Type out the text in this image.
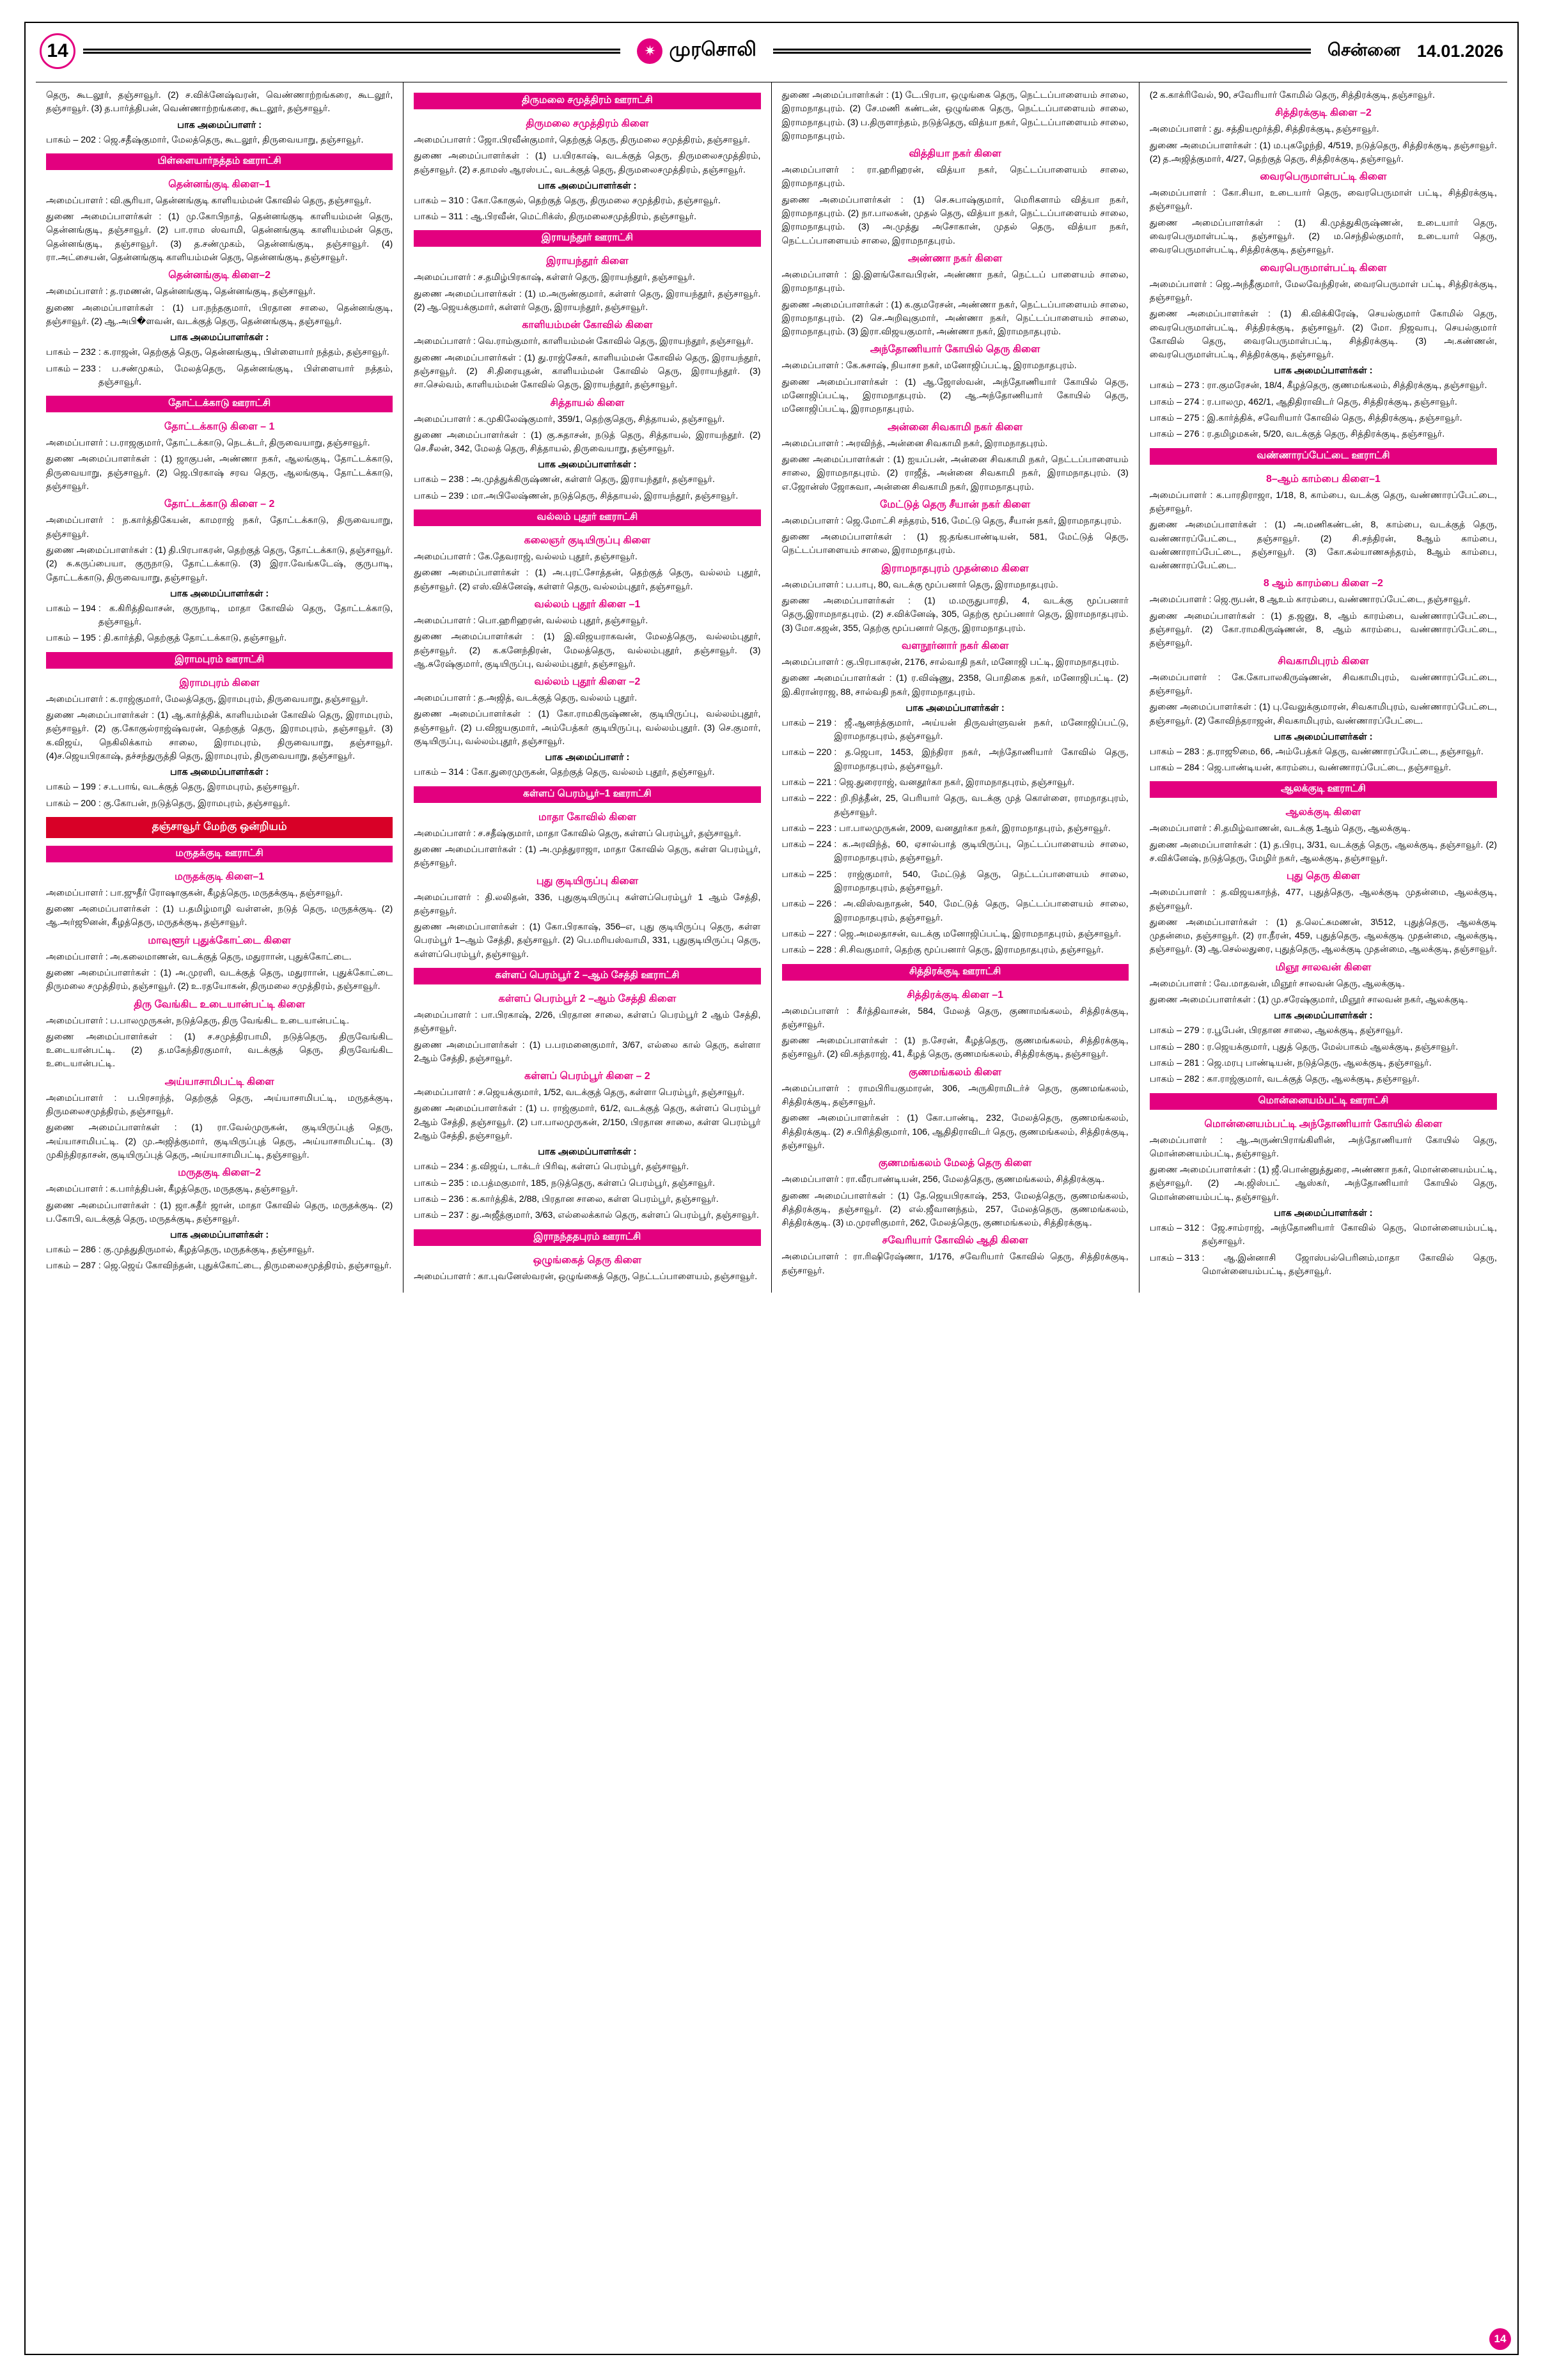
14	✷ முரசொலி	சென்னை 14.01.2026
தெரு, கூடலூர், தஞ்சாவூர். (2) ச.விக்னேஷ்வரன், வெண்ணாற்றங்கரை, கூடலூர், தஞ்சாவூர். (3) த.பார்த்திபன், வெண்ணாற்றங்கரை, கூடலூர், தஞ்சாவூர்.
பாக அமைப்பாளர் :
பாகம் – 202 : ஜெ.சதீஷ்குமார், மேலத்தெரு, கூடலூர், திருவையாறு, தஞ்சாவூர்.
பிள்ளையார்நத்தம் ஊராட்சி
தென்னங்குடி கிளை–1
அமைப்பாளர் : வி.சூரியா, தென்னங்குடி காளியம்மன் கோவில் தெரு, தஞ்சாவூர்.
துணை அமைப்பாளர்கள் : (1) மு.கோபிநாத், தென்னங்குடி காளியம்மன் தெரு, தென்னங்குடி, தஞ்சாவூர். (2) பா.ராம ஸ்வாமி, தென்னங்குடி காளியம்மன் தெரு, தென்னங்குடி, தஞ்சாவூர். (3) த.சண்முகம், தென்னங்குடி, தஞ்சாவூர். (4) ரா.அட்சையன், தென்னங்குடி காளியம்மன் தெரு, தென்னங்குடி, தஞ்சாவூர்.
தென்னங்குடி கிளை–2
அமைப்பாளர் : த.ரமணன், தென்னங்குடி, தென்னங்குடி, தஞ்சாவூர்.
துணை அமைப்பாளர்கள் : (1) பா.நந்தகுமார், பிரதான சாலை, தென்னங்குடி, தஞ்சாவூர். (2) ஆ.அபி�ளவன், வடக்குத் தெரு, தென்னங்குடி, தஞ்சாவூர்.
பாக அமைப்பாளர்கள் :
பாகம் – 232 : க.ராஜன், தெற்குத் தெரு, தென்னங்குடி, பிள்ளையார் நத்தம், தஞ்சாவூர்.
பாகம் – 233 : ப.சண்முகம், மேலத்தெரு, தென்னங்குடி, பிள்ளையார் நத்தம், தஞ்சாவூர்.
தோட்டக்காடு ஊராட்சி
தோட்டக்காடு கிளை – 1
அமைப்பாளர் : ப.ராஜகுமார், தோட்டக்காடு, நெடக்டர், திருவையாறு, தஞ்சாவூர்.
துணை அமைப்பாளர்கள் : (1) ஜாகுபன், அண்ணா நகர், ஆலங்குடி, தோட்டக்காடு, திருவையாறு, தஞ்சாவூர். (2) ஜெ.பிரகாஷ் சரவ தெரு, ஆலங்குடி, தோட்டக்காடு, தஞ்சாவூர்.
தோட்டக்காடு கிளை – 2
அமைப்பாளர் : ந.கார்த்திகேயன், காமராஜ் நகர், தோட்டக்காடு, திருவையாறு, தஞ்சாவூர்.
துணை அமைப்பாளர்கள் : (1) தி.பிரபாகரன், தெற்குத் தெரு, தோட்டக்காடு, தஞ்சாவூர். (2) சு.கருப்பையா, குருநாடு, தோட்டக்காடு. (3) இரா.வேங்கடேஷ், குருபாடி, தோட்டக்காடு, திருவையாறு, தஞ்சாவூர்.
பாக அமைப்பாளர்கள் :
பாகம் – 194 : க.கிரித்திவாசன், குருநாடி, மாதா கோவில் தெரு, தோட்டக்காடு, தஞ்சாவூர்.
பாகம் – 195 : தி.கார்த்தி, தெற்குத் தோட்டக்காடு, தஞ்சாவூர்.
இராமபுரம் ஊராட்சி
இராமபுரம் கிளை
அமைப்பாளர் : க.ராஜ்குமார், மேலத்தெரு, இராமபுரம், திருவையாறு, தஞ்சாவூர்.
துணை அமைப்பாளர்கள் : (1) ஆ.கார்த்திக், காளியம்மன் கோவில் தெரு, இராமபுரம், தஞ்சாவூர். (2) கு.கோகுல்ராஜ்ஷ்வரன், தெற்குத் தெரு, இராமபுரம், தஞ்சாவூர். (3) க.விஜய், நெகிலிக்காம் சாலை, இராமபுரம், திருவையாறு, தஞ்சாவூர். (4)ச.ஜெயபிரகாஷ், தச்சந்துருத்தி தெரு, இராமபுரம், திருவையாறு, தஞ்சாவூர்.
பாக அமைப்பாளர்கள் :
பாகம் – 199 : ச.டபாங், வடக்குத் தெரு, இராமபுரம், தஞ்சாவூர்.
பாகம் – 200 : கு.கோபன், நடுத்தெரு, இராமபுரம், தஞ்சாவூர்.
தஞ்சாவூர் மேற்கு ஒன்றியம்மருதக்குடி ஊராட்சி
மருதக்குடி கிளை–1
அமைப்பாளர் : பா.ஜுதீர் ரோஷாகுகன், கீழத்தெரு, மருதக்குடி, தஞ்சாவூர்.
துணை அமைப்பாளர்கள் : (1) ப.தமிழ்மாழி வள்ளன், நடுத் தெரு, மருதக்குடி. (2) ஆ.அர்ஜூனன், கீழத்தெரு, மருதக்குடி, தஞ்சாவூர்.
மாவுளூர் புதுக்கோட்டை கிளை
அமைப்பாளர் : அ.கலைமாணன், வடக்குத் தெரு, மதுராான், புதுக்கோட்டை.
துணை அமைப்பாளர்கள் : (1) அ.முரளி, வடக்குத் தெரு, மதுராான், புதுக்கோட்டை திருமலை சமுத்திரம், தஞ்சாவூர். (2) உ.ரதயோகன், திருமலை சமுத்திரம், தஞ்சாவூர்.
திரு வேங்கிட உடையான்பட்டி கிளை
அமைப்பாளர் : ப.பாலமுருகன், நடுத்தெரு, திரு வேங்கிட உடையான்பட்டி.
துணை அமைப்பாளர்கள் : (1) ச.சமுத்திரபாமி, நடுத்தெரு, திருவேங்கிட உடையான்பட்டி. (2) த.மகேந்திரகுமார், வடக்குத் தெரு, திருவேங்கிட உடையான்பட்டி.
அய்யாசாமிபட்டி கிளை
அமைப்பாளர் : ப.பிரசாந்த், தெற்குத் தெரு, அய்யாசாமிபட்டி, மருதக்குடி, திருமலைசமுத்திரம், தஞ்சாவூர்.
துணை அமைப்பாளர்கள் : (1) ரா.வேல்முருகன், குடியிருப்புத் தெரு, அய்யாசாமிபட்டி. (2) மு.அஜித்குமார், குடியிருப்புத் தெரு, அய்யாசாமிபட்டி. (3) முகிந்திரதாசன், குடியிருப்புத் தெரு, அய்யாசாமிபட்டி, தஞ்சாவூர்.
மருதகுடி கிளை–2
அமைப்பாளர் : க.பார்த்திபன், கீழத்தெரு, மருதகுடி, தஞ்சாவூர்.
துணை அமைப்பாளர்கள் : (1) ஜா.சுதீர் ஜான், மாதா கோவில் தெரு, மருதக்குடி. (2) ப.கோபி, வடக்குத் தெரு, மருதக்குடி, தஞ்சாவூர்.
பாக அமைப்பாளர்கள் :
பாகம் – 286 : கு.முத்துதிருமால், கீழத்தெரு, மருதக்குடி, தஞ்சாவூர்.
பாகம் – 287 : ஜெ.ஜெய் கோவிந்தன், புதுக்கோட்டை, திருமலைசமுத்திரம், தஞ்சாவூர்.
திருமலை சமுத்திரம் ஊராட்சி
திருமலை சமுத்திரம் கிளை
அமைப்பாளர் : ஜோ.பிரவீன்குமார், தெற்குத் தெரு, திருமலை சமுத்திரம், தஞ்சாவூர்.
துணை அமைப்பாளர்கள் : (1) ப.யிரகாஷ், வடக்குத் தெரு, திருமலைசமுத்திரம், தஞ்சாவூர். (2) ச.தாமஸ் ஆரஸ்பட், வடக்குத் தெரு, திருமலைசமுத்திரம், தஞ்சாவூர்.
பாக அமைப்பாளர்கள் :
பாகம் – 310 : கோ.கோகுல், தெற்குத் தெரு, திருமலை சமுத்திரம், தஞ்சாவூர்.
பாகம் – 311 : ஆ.பிரவீன், மெட்ரிக்ஸ், திருமலைசமுத்திரம், தஞ்சாவூர்.
இராயந்தூர் ஊராட்சி
இராயந்தூர் கிளை
அமைப்பாளர் : ச.தமிழ்பிரகாஷ், கள்ளர் தெரு, இராயந்தூர், தஞ்சாவூர்.
துணை அமைப்பாளர்கள் : (1) ம.அருண்குமார், கள்ளர் தெரு, இராயந்தூர், தஞ்சாவூர். (2) ஆ.ஜெயக்குமார், கள்ளர் தெரு, இராயந்தூர், தஞ்சாவூர்.
காளியம்மன் கோவில் கிளை
அமைப்பாளர் : வெ.ராம்குமார், காளியம்மன் கோவில் தெரு, இராயந்தூர், தஞ்சாவூர்.
துணை அமைப்பாளர்கள் : (1) து.ராஜ்சேகர், காளியம்மன் கோவில் தெரு, இராயந்தூர், தஞ்சாவூர். (2) சி.திரையுதன், காளியம்மன் கோவில் தெரு, இராயந்தூர். (3) சா.செல்வம், காளியம்மன் கோவில் தெரு, இராயந்தூர், தஞ்சாவூர்.
சித்தாயல் கிளை
அமைப்பாளர் : க.முகிலேஷ்குமார், 359/1, தெற்குதெரு, சித்தாயல், தஞ்சாவூர்.
துணை அமைப்பாளர்கள் : (1) கு.சுதாசன், நடுத் தெரு, சித்தாயல், இராயந்தூர். (2) செ.சீலன், 342, மேலத் தெரு, சித்தாயல், திருவையாறு, தஞ்சாவூர்.
பாக அமைப்பாளர்கள் :
பாகம் – 238 : அ.முத்துக்கிருஷ்ணன், கள்ளர் தெரு, இராயந்தூர், தஞ்சாவூர்.
பாகம் – 239 : மா.அபிலேஷ்ணன், நடுத்தெரு, சித்தாயல், இராயந்தூர், தஞ்சாவூர்.
வல்லம் புதூர் ஊராட்சி
கலைஞர் குடியிருப்பு கிளை
அமைப்பாளர் : கே.தேவராஜ், வல்லம் புதூர், தஞ்சாவூர்.
துணை அமைப்பாளர்கள் : (1) அ.புரட்சோத்தன், தெற்குத் தெரு, வல்லம் புதூர், தஞ்சாவூர். (2) எஸ்.விக்னேஷ், கள்ளர் தெரு, வல்லம்புதூர், தஞ்சாவூர்.
வல்லம் புதூர் கிளை –1
அமைப்பாளர் : பொ.ஹரிஹரன், வல்லம் புதூர், தஞ்சாவூர்.
துணை அமைப்பாளர்கள் : (1) இ.விஜயராகவன், மேலத்தெரு, வல்லம்புதூர், தஞ்சாவூர். (2) க.கனேந்திரன், மேலத்தெரு, வல்லம்புதூர், தஞ்சாவூர். (3) ஆ.சுரேஷ்குமார், குடியிருப்பு, வல்லம்புதூர், தஞ்சாவூர்.
வல்லம் புதூர் கிளை –2
அமைப்பாளர் : த.அஜித், வடக்குத் தெரு, வல்லம் புதூர்.
துணை அமைப்பாளர்கள் : (1) கோ.ராமகிருஷ்ணன், குடியிருப்பு, வல்லம்புதூர், தஞ்சாவூர். (2) ப.விஜயகுமார், அம்பேத்கர் குடியிருப்பு, வல்லம்புதூர். (3) செ.குமார், குடியிருப்பு, வல்லம்புதூர், தஞ்சாவூர்.
பாக அமைப்பாளர் :
பாகம் – 314 : கோ.துரைமுருகன், தெற்குத் தெரு, வல்லம் புதூர், தஞ்சாவூர்.
கள்ளப் பெரம்பூர்–1 ஊராட்சி
மாதா கோவில் கிளை
அமைப்பாளர் : ச.சதீஷ்குமார், மாதா கோவில் தெரு, கள்ளப் பெரம்பூர், தஞ்சாவூர்.
துணை அமைப்பாளர்கள் : (1) அ.முத்துராஜா, மாதா கோவில் தெரு, கள்ள பெரம்பூர், தஞ்சாவூர்.
புது குடியிருப்பு கிளை
அமைப்பாளர் : தி.லலிதன், 336, புதுகுடியிருப்பு கள்ளப்பெரம்பூர் 1 ஆம் சேத்தி, தஞ்சாவூர்.
துணை அமைப்பாளர்கள் : (1) கோ.பிரகாஷ், 356–எ, புது குடியிருப்பு தெரு, கள்ள பெரம்பூர் 1–ஆம் சேத்தி, தஞ்சாவூர். (2) பெ.மரியஸ்வாமி, 331, புதுகுடியிருப்பு தெரு, கள்ளப்பெரம்பூர், தஞ்சாவூர்.
கள்ளப் பெரம்பூர் 2 –ஆம் சேத்தி ஊராட்சி
கள்ளப் பெரம்பூர் 2 –ஆம் சேத்தி கிளை
அமைப்பாளர் : பா.பிரகாஷ், 2/26, பிரதான சாலை, கள்ளப் பெரம்பூர் 2 ஆம் சேத்தி, தஞ்சாவூர்.
துணை அமைப்பாளர்கள் : (1) ப.பரமனைகுமார், 3/67, எல்லை கால் தெரு, கள்ளா 2ஆம் சேத்தி, தஞ்சாவூர்.
கள்ளப் பெரம்பூர் கிளை – 2
அமைப்பாளர் : ச.ஜெயக்குமார், 1/52, வடக்குத் தெரு, கள்ளா பெரம்பூர், தஞ்சாவூர்.
துணை அமைப்பாளர்கள் : (1) ப. ராஜ்குமார், 61/2, வடக்குத் தெரு, கள்ளப் பெரம்பூர் 2ஆம் சேத்தி, தஞ்சாவூர். (2) பா.பாலமுருகன், 2/150, பிரதான சாலை, கள்ள பெரம்பூர் 2ஆம் சேத்தி, தஞ்சாவூர்.
பாக அமைப்பாளர்கள் :
பாகம் – 234 : த.விஜய், டாக்டர் பிரிவு, கள்ளப் பெரம்பூர், தஞ்சாவூர்.
பாகம் – 235 : ம.பத்மகுமார், 185, நடுத்தெரு, கள்ளப் பெரம்பூர், தஞ்சாவூர்.
பாகம் – 236 : க.கார்த்திக், 2/88, பிரதான சாலை, கள்ள பெரம்பூர், தஞ்சாவூர்.
பாகம் – 237 : து.அஜீத்குமார், 3/63, எல்லைக்கால் தெரு, கள்ளப் பெரம்பூர், தஞ்சாவூர்.
இராநந்ததபுரம் ஊராட்சி
ஒழுங்கைத் தெரு கிளை
அமைப்பாளர் : கா.புவனேஸ்வரன், ஒழுங்கைத் தெரு, நெட்டப்பாளையம், தஞ்சாவூர்.
துணை அமைப்பாளர்கள் : (1) டே.பிரபா, ஒழுங்கை தெரு, நெட்டப்பாளையம் சாலை, இராமநாதபுரம். (2) சே.மணி கண்டன், ஒழுங்கை தெரு, நெட்டப்பாளையம் சாலை, இராமநாதபுரம். (3) ப.திருளாந்தம், நடுத்தெரு, வித்யா நகர், நெட்டப்பாளையம் சாலை, இராமநாதபுரம்.
வித்தியா நகர் கிளை
அமைப்பாளர் : ரா.ஹரிஹரன், வித்யா நகர், நெட்டப்பாளையம் சாலை, இராமநாதபுரம்.
துணை அமைப்பாளர்கள் : (1) செ.சுபாஷ்குமார், மெரிகளாம் வித்யா நகர், இராமநாதபுரம். (2) நா.பாலகன், முதல் தெரு, வித்யா நகர், நெட்டப்பாளையம் சாலை, இராமநாதபுரம். (3) அ.முத்து அசோகான், முதல் தெரு, வித்யா நகர், நெட்டப்பாளையம் சாலை, இராமநாதபுரம்.
அண்ணா நகர் கிளை
அமைப்பாளர் : இ.இளங்கோவபிரன், அண்ணா நகர், நெட்டப் பாளையம் சாலை, இராமநாதபுரம்.
துணை அமைப்பாளர்கள் : (1) க.குமரேசன், அண்ணா நகர், நெட்டப்பாளையம் சாலை, இராமநாதபுரம். (2) செ.அறிவுகுமார், அண்ணா நகர், நெட்டப்பாளையம் சாலை, இராமநாதபுரம். (3) இரா.விஜயகுமார், அண்ணா நகர், இராமநாதபுரம்.
அந்தோணியார் கோயில் தெரு கிளை
அமைப்பாளர் : கே.சுசாஷ், நியாசா நகர், மனோஜிப்பட்டி, இராமநாதபுரம்.
துணை அமைப்பாளர்கள் : (1) ஆ.ஜோஸ்வன், அந்தோணியார் கோயில் தெரு, மனோஜிப்பட்டி, இராமநாதபுரம். (2) ஆ.அந்தோணியார் கோயில் தெரு, மனோஜிப்பட்டி, இராமநாதபுரம்.
அன்னை சிவகாமி நகர் கிளை
அமைப்பாளர் : அரவிந்த், அன்னை சிவகாமி நகர், இராமநாதபுரம்.
துணை அமைப்பாளர்கள் : (1) ஐயப்பன், அன்னை சிவகாமி நகர், நெட்டப்பாளையம் சாலை, இராமநாதபுரம். (2) ராஜீத், அன்னை சிவகாமி நகர், இராமநாதபுரம். (3) எ.ஜோன்ஸ் ஜோசுவா, அன்னை சிவகாமி நகர், இராமநாதபுரம்.
மேட்டுத் தெரு சீயான் நகர் கிளை
அமைப்பாளர் : ஜெ.மோட்சி சந்தரம், 516, மேட்டு தெரு, சீயான் நகர், இராமநாதபுரம்.
துணை அமைப்பாளர்கள் : (1) ஜ.தங்கபாண்டியன், 581, மேட்டுத் தெரு, நெட்டப்பாளையம் சாலை, இராமநாதபுரம்.
இராமநாதபுரம் முதன்மை கிளை
அமைப்பாளர் : ப.பாபு, 80, வடக்கு மூப்பனார் தெரு, இராமநாதபுரம்.
துணை அமைப்பாளர்கள் : (1) ம.மருதுபாரதி, 4, வடக்கு மூப்பனார் தெரு,இராமநாதபுரம். (2) ச.விக்னேஷ், 305, தெற்கு மூப்பனார் தெரு, இராமநாதபுரம். (3) மோ.கஜன், 355, தெற்கு மூப்பனார் தெரு, இராமநாதபுரம்.
வளநூர்னார் நகர் கிளை
அமைப்பாளர் : கு.பிரபாகரன், 2176, சால்வாதி நகர், மனோஜி பட்டி, இராமநாதபுரம்.
துணை அமைப்பாளர்கள் : (1) ர.விஷ்ணு, 2358, பொதிகை நகர், மனோஜிபட்டி. (2) இ.கிரான்ராஜ, 88, சால்வதி நகர், இராமநாதபுரம்.
பாக அமைப்பாளர்கள் :
பாகம் – 219 : ஜீ.ஆனந்த்குமார், அய்யன் திருவள்ளுவன் நகர், மனோஜிப்பட்டு, இராமநாதபுரம், தஞ்சாவூர்.
பாகம் – 220 : த.ஜெபா, 1453, இந்திரா நகர், அந்தோணியார் கோவில் தெரு, இராமநாதபுரம், தஞ்சாவூர்.
பாகம் – 221 : ஜெ.துரைராஜ், வனதூர்கா நகர், இராமநாதபுரம், தஞ்சாவூர்.
பாகம் – 222 : றி.நித்தீன், 25, பெரியார் தெரு, வடக்கு முத் கொள்ளை, ராமநாதபுரம், தஞ்சாவூர்.
பாகம் – 223 : பா.பாலமுருகன், 2009, வனதூர்கா நகர், இராமநாதபுரம், தஞ்சாவூர்.
பாகம் – 224 : க.அரவிந்த், 60, ஏசால்பாத் குடியிருப்பு, நெட்டப்பாளையம் சாலை, இராமநாதபுரம், தஞ்சாவூர்.
பாகம் – 225 : ராஜ்குமார், 540, மேட்டுத் தெரு, நெட்டப்பாளையம் சாலை, இராமநாதபுரம், தஞ்சாவூர்.
பாகம் – 226 : அ.விஸ்வநாதன், 540, மேட்டுத் தெரு, நெட்டப்பாளையம் சாலை, இராமநாதபுரம், தஞ்சாவூர்.
பாகம் – 227 : ஜெ.அமலதாசன், வடக்கு மனோஜிப்பட்டி, இராமநாதபுரம், தஞ்சாவூர்.
பாகம் – 228 : சி.சிவகுமார், தெற்கு மூப்பனார் தெரு, இராமநாதபுரம், தஞ்சாவூர்.
சித்திரக்குடி ஊராட்சி
சித்திரக்குடி கிளை –1
அமைப்பாளர் : கீர்த்திவாசன், 584, மேலத் தெரு, குணாமங்கலம், சித்திரக்குடி, தஞ்சாவூர்.
துணை அமைப்பாளர்கள் : (1) ந.சேரன், கீழத்தெரு, குணமங்கலம், சித்திரக்குடி, தஞ்சாவூர். (2) வி.கந்தராஜ், 41, கீழத் தெரு, குணமங்கலம், சித்திரக்குடி, தஞ்சாவூர்.
குணமங்கலம் கிளை
அமைப்பாளர் : ராமபிரியகுமாரன், 306, அருகிராமிடர்ச் தெரு, குணமங்கலம், சித்திரக்குடி, தஞ்சாவூர்.
துணை அமைப்பாளர்கள் : (1) கோ.பாண்டி, 232, மேலத்தெரு, குணமங்கலம், சித்திரக்குடி. (2) ச.பிரித்திகுமார், 106, ஆதிதிராவிடர் தெரு, குணமங்கலம், சித்திரக்குடி, தஞ்சாவூர்.
குணமங்கலம் மேலத் தெரு கிளை
அமைப்பாளர் : ரா.வீரபாண்டியன், 256, மேலத்தெரு, குணமங்கலம், சித்திரக்குடி.
துணை அமைப்பாளர்கள் : (1) தே.ஜெயபிரகாஷ், 253, மேலத்தெரு, குணமங்கலம், சித்திரக்குடி, தஞ்சாவூர். (2) எல்.ஜீவானந்தம், 257, மேலத்தெரு, குணமங்கலம், சித்திரக்குடி. (3) ம.முரளிகுமார், 262, மேலத்தெரு, குணமங்கலம், சித்திரக்குடி.
சவேரியார் கோவில் ஆதி கிளை
அமைப்பாளர் : ரா.ரிஷிரேஷ்ணா, 1/176, சவேரியார் கோவில் தெரு, சித்திரக்குடி, தஞ்சாவூர்.
(2 க.காக்ரிவேல், 90, சவேரியார் கோமில் தெரு, சித்திரக்குடி, தஞ்சாவூர்.
சித்திரக்குடி கிளை –2
அமைப்பாளர் : து. சத்தியமூர்த்தி, சித்திரக்குடி, தஞ்சாவூர்.
துணை அமைப்பாளர்கள் : (1) ம.புகழேந்தி, 4/519, நடுத்தெரு, சித்திரக்குடி, தஞ்சாவூர். (2) த.அஜித்குமார், 4/27, தெற்குத் தெரு, சித்திரக்குடி, தஞ்சாவூர்.
வைரபெருமாள்பட்டி கிளை
அமைப்பாளர் : கோ.சியா, உடையார் தெரு, வைரபெருமாள் பட்டி, சித்திரக்குடி, தஞ்சாவூர்.
துணை அமைப்பாளர்கள் : (1) கி.முத்துகிருஷ்ணன், உடையார் தெரு, வைரபெருமாள்பட்டி, தஞ்சாவூர். (2) ம.செந்தில்குமார், உடையார் தெரு, வைரபெருமாள்பட்டி, சித்திரக்குடி, தஞ்சாவூர்.
வைரபெருமாள்பட்டி கிளை
அமைப்பாளர் : ஜெ.அந்தீகுமார், மேலவேந்திரன், வைரபெருமாள் பட்டி, சித்திரக்குடி, தஞ்சாவூர்.
துணை அமைப்பாளர்கள் : (1) கி.விக்கிரேஷ், செயல்குமார் கோமில் தெரு, வைரபெருமாள்பட்டி, சித்திரக்குடி, தஞ்சாவூர். (2) மோ. நிஜவாபு, செயல்குமார் கோவில் தெரு, வைரபெருமாள்பட்டி, சித்திரக்குடி. (3) அ.கண்ணன், வைரபெருமாள்பட்டி, சித்திரக்குடி, தஞ்சாவூர்.
பாக அமைப்பாளர்கள் :
பாகம் – 273 : ரா.குமரேசன், 18/4, கீழத்தெரு, குணமங்கலம், சித்திரக்குடி, தஞ்சாவூர்.
பாகம் – 274 : ர.பாலமு, 462/1, ஆதிதிராவிடர் தெரு, சித்திரக்குடி, தஞ்சாவூர்.
பாகம் – 275 : இ.கார்த்திக், சவேரியார் கோவில் தெரு, சித்திரக்குடி, தஞ்சாவூர்.
பாகம் – 276 : ர.தமிழமகன், 5/20, வடக்குத் தெரு, சித்திரக்குடி, தஞ்சாவூர்.
வண்ணாரப்பேட்டை ஊராட்சி
8–ஆம் காம்பை கிளை–1
அமைப்பாளர் : க.பாரதிராஜா, 1/18, 8, காம்பை, வடக்கு தெரு, வண்ணாரப்பேட்டை, தஞ்சாவூர்.
துணை அமைப்பாளர்கள் : (1) அ.மணிகண்டன், 8, காம்பை, வடக்குத் தெரு, வண்ணாரப்பேட்டை, தஞ்சாவூர். (2) சி.சந்திரன், 8ஆம் காம்பை, வண்ணாராப்பேட்டை, தஞ்சாவூர். (3) கோ.கல்யாணசுந்தரம், 8ஆம் காம்பை, வண்ணாரப்பேட்டை.
8 ஆம் காரம்பை கிளை –2
அமைப்பாளர் : ஜெ.ரூபன், 8 ஆஉம் காரம்பை, வண்ணாரப்பேட்டை, தஞ்சாவூர்.
துணை அமைப்பாளர்கள் : (1) த.ஜனு, 8, ஆம் காரம்பை, வண்ணாரப்பேட்டை, தஞ்சாவூர். (2) கோ.ராமகிருஷ்ணன், 8, ஆம் காரம்பை, வண்ணாரப்பேட்டை, தஞ்சாவூர்.
சிவகாமிபுரம் கிளை
அமைப்பாளர் : கே.கோபாலகிருஷ்ணன், சிவகாமிபுரம், வண்ணாரப்பேட்டை, தஞ்சாவூர்.
துணை அமைப்பாளர்கள் : (1) பு.வேலுக்குமாரன், சிவகாமிபுரம், வண்ணாரப்பேட்டை, தஞ்சாவூர். (2) கோவிந்தராஜன், சிவகாமிபுரம், வண்ணாரப்பேட்டை.
பாக அமைப்பாளர்கள் :
பாகம் – 283 : த.ராஜூமை, 66, அம்பேத்கர் தெரு, வண்ணாரப்பேட்டை, தஞ்சாவூர்.
பாகம் – 284 : ஜெ.பாண்டியன், காரம்பை, வண்ணாரப்பேட்டை, தஞ்சாவூர்.
ஆலக்குடி ஊராட்சி
ஆலக்குடி கிளை
அமைப்பாளர் : சி.தமிழ்வாணன், வடக்கு 1ஆம் தெரு, ஆலக்குடி.
துணை அமைப்பாளர்கள் : (1) த.பிரபு, 3/31, வடக்குத் தெரு, ஆலக்குடி, தஞ்சாவூர். (2) ச.விக்னேஷ், நடுத்தெரு, மேழிர் நகர், ஆலக்குடி, தஞ்சாவூர்.
புது தெரு கிளை
அமைப்பாளர் : த.விஜயகாந்த், 477, புதுத்தெரு, ஆலக்குடி முதன்மை, ஆலக்குடி, தஞ்சாவூர்.
துணை அமைப்பாளர்கள் : (1) த.லெட்சுமணன், 3\512, புதுத்தெரு, ஆலக்குடி முதன்மை, தஞ்சாவூர். (2) ரா.நீரன், 459, புதுத்தெரு, ஆலக்குடி முதன்மை, ஆலக்குடி, தஞ்சாவூர். (3) ஆ.செல்லதுரை, புதுத்தெரு, ஆலக்குடி முதன்மை, ஆலக்குடி, தஞ்சாவூர்.
மிஞூ சாலவன் கிளை
அமைப்பாளர் : வே.மாதவன், மிஞூர் சாலவன் தெரு, ஆலக்குடி.
துணை அமைப்பாளர்கள் : (1) மு.சரேஷ்குமார், மிஞூர் சாலவன் நகர், ஆலக்குடி.
பாக அமைப்பாளர்கள் :
பாகம் – 279 : ர.பூபேன், பிரதான சாலை, ஆலக்குடி, தஞ்சாவூர்.
பாகம் – 280 : ர.ஜெயக்குமார், புதுத் தெரு, மேல்பாகம் ஆலக்குடி, தஞ்சாவூர்.
பாகம் – 281 : ஜெ.மரபு பாண்டியன், நடுத்தெரு, ஆலக்குடி, தஞ்சாவூர்.
பாகம் – 282 : கா.ராஜ்குமார், வடக்குத் தெரு, ஆலக்குடி, தஞ்சாவூர்.
மொன்னையம்பட்டி ஊராட்சி
மொன்னையம்பட்டி அந்தோணியார் கோயில் கிளை
அமைப்பாளர் : ஆ.அருண்பிராங்கிளின், அந்தோணியார் கோயில் தெரு, மொன்னையம்பட்டி, தஞ்சாவூர்.
துணை அமைப்பாளர்கள் : (1) ஜீ.பொன்னுத்துரை, அண்ணா நகர், மொன்னையம்பட்டி, தஞ்சாவூர். (2) அ.ஜிஸ்பட் ஆஸ்கர், அந்தோணியார் கோயில் தெரு, மொன்னையம்பட்டி, தஞ்சாவூர்.
பாக அமைப்பாளர்கள் :
பாகம் – 312 : ஜே.சாம்ராஜ், அந்தோணியார் கோவில் தெரு, மொன்னையம்பட்டி, தஞ்சாவூர்.
பாகம் – 313 : ஆ.இன்னாசி ஜோஸ்பல்பெரினம்,மாதா கோவில் தெரு, மொன்னையம்பட்டி, தஞ்சாவூர்.
14
